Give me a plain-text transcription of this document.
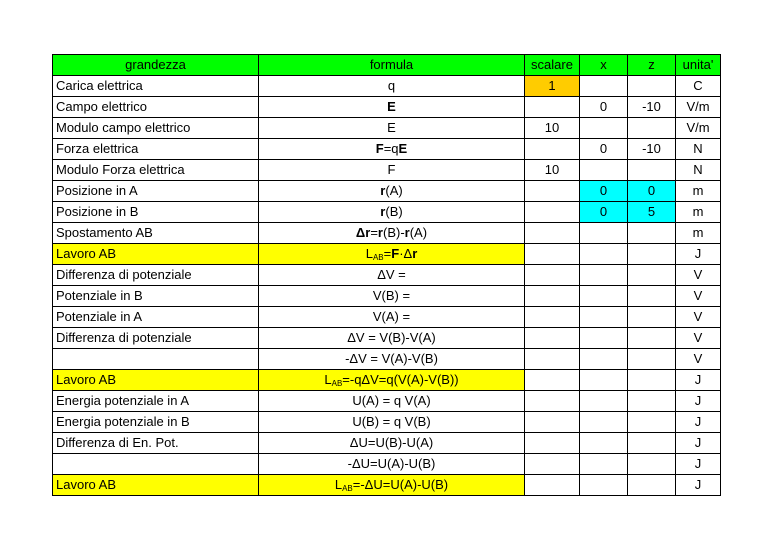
grandezza	formula	scalare	x	z	unita'
Carica elettrica	q	1			C
Campo elettrico	E		0	-10	V/m
Modulo campo elettrico	E	10			V/m
Forza elettrica	F=qE		0	-10	N
Modulo Forza elettrica	F	10			N
Posizione in A	r(A)		0	0	m
Posizione in B	r(B)		0	5	m
Spostamento AB	Δr=r(B)-r(A)				m
Lavoro AB	$L_{AB}=F\cdot\Delta r$				J
Differenza di potenziale	ΔV =				V
Potenziale in B	V(B) =				V
Potenziale in A	V(A) =				V
Differenza di potenziale	ΔV = V(B)-V(A)				V
	-ΔV = V(A)-V(B)				V
Lavoro AB	$L_{AB}=-q\Delta V=q(V(A)-V(B))$				J
Energia potenziale in A	U(A) = q V(A)				J
Energia potenziale in B	U(B) = q V(B)				J
Differenza di En. Pot.	ΔU=U(B)-U(A)				J
	-ΔU=U(A)-U(B)				J
Lavoro AB	$L_{AB}=-\Delta U=U(A)-U(B)$				J
